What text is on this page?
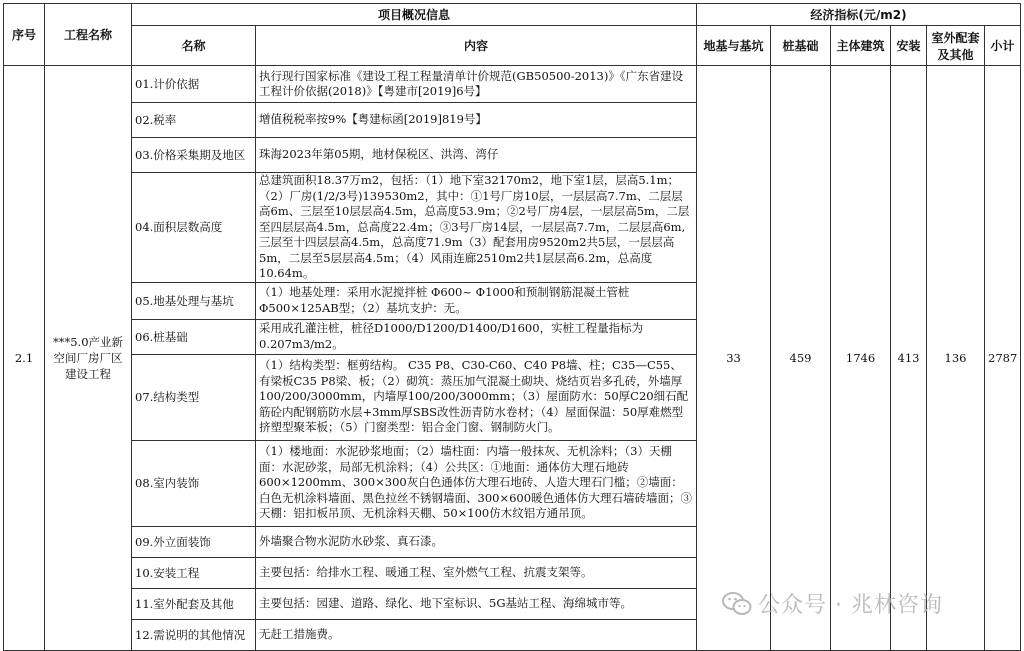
序号	工程名称	项目概况信息		经济指标(元/m2)					
		名称	内容	地基与基坑	桩基础	主体建筑	安装	室外配套及其他	小计
2.1	***5.0产业新空间厂房厂区建设工程	01.计价依据	执行现行国家标准《建设工程工程量清单计价规范(GB50500-2013)》《广东省建设工程计价依据(2018)》【粤建市[2019]6号】	33	459	1746	413	136	2787
		02.税率	增值税税率按9%【粤建标函[2019]819号】						
		03.价格采集期及地区	珠海2023年第05期，地材保税区、洪湾、湾仔						
		04.面积层数高度	总建筑面积18.37万m2，包括：（1）地下室32170m2，地下室1层，层高5.1m；（2）厂房(1/2/3号)139530m2，其中：①1号厂房10层，一层层高7.7m、二层层高6m、三层至10层层高4.5m，总高度53.9m；②2号厂房4层，一层层高5m，二层至四层层高4.5m，总高度22.4m；③3号厂房14层，一层层高7.7m，二层层高6m,三层至十四层层高4.5m，总高度71.9m（3）配套用房9520m2共5层，一层层高5m，二层至5层层高4.5m；（4）风雨连廊2510m2共1层层高6.2m，总高度10.64m。						
		05.地基处理与基坑	（1）地基处理：采用水泥搅拌桩 Φ600~ Φ1000和预制钢筋混凝土管桩 Φ500×125AB型；（2）基坑支护：无。						
		06.桩基础	采用成孔灌注桩，桩径D1000/D1200/D1400/D1600，实桩工程量指标为0.207m3/m2。						
		07.结构类型	（1）结构类型：框剪结构。 C35 P8、C30-C60、C40 P8墙、柱；C35—C55、有梁板C35 P8梁、板；（2）砌筑：蒸压加气混凝土砌块、烧结页岩多孔砖，外墙厚100/200/3000mm，内墙厚100/200/3000mm；（3）屋面防水：50厚C20细石配筋砼内配钢筋防水层+3mm厚SBS改性沥青防水卷材；（4）屋面保温：50厚难燃型挤塑型聚苯板；（5）门窗类型：铝合金门窗、钢制防火门。						
		08.室内装饰	（1）楼地面：水泥砂浆地面；（2）墙柱面：内墙一般抹灰、无机涂料；（3）天棚面：水泥砂浆，局部无机涂料；（4）公共区：①地面：通体仿大理石地砖600×1200mm、300×300灰白色通体仿大理石地砖、人造大理石门槛；②墙面：白色无机涂料墙面、黑色拉丝不锈钢墙面、300×600暖色通体仿大理石墙砖墙面；③天棚：铝扣板吊顶、无机涂料天棚、50×100仿木纹铝方通吊顶。						
		09.外立面装饰	外墙聚合物水泥防水砂浆、真石漆。						
		10.安装工程	主要包括：给排水工程、暖通工程、室外燃气工程、抗震支架等。						
		11.室外配套及其他	主要包括：园建、道路、绿化、地下室标识、5G基站工程、海绵城市等。						
		12.需说明的其他情况	无赶工措施费。						
公众号 · 兆林咨询
